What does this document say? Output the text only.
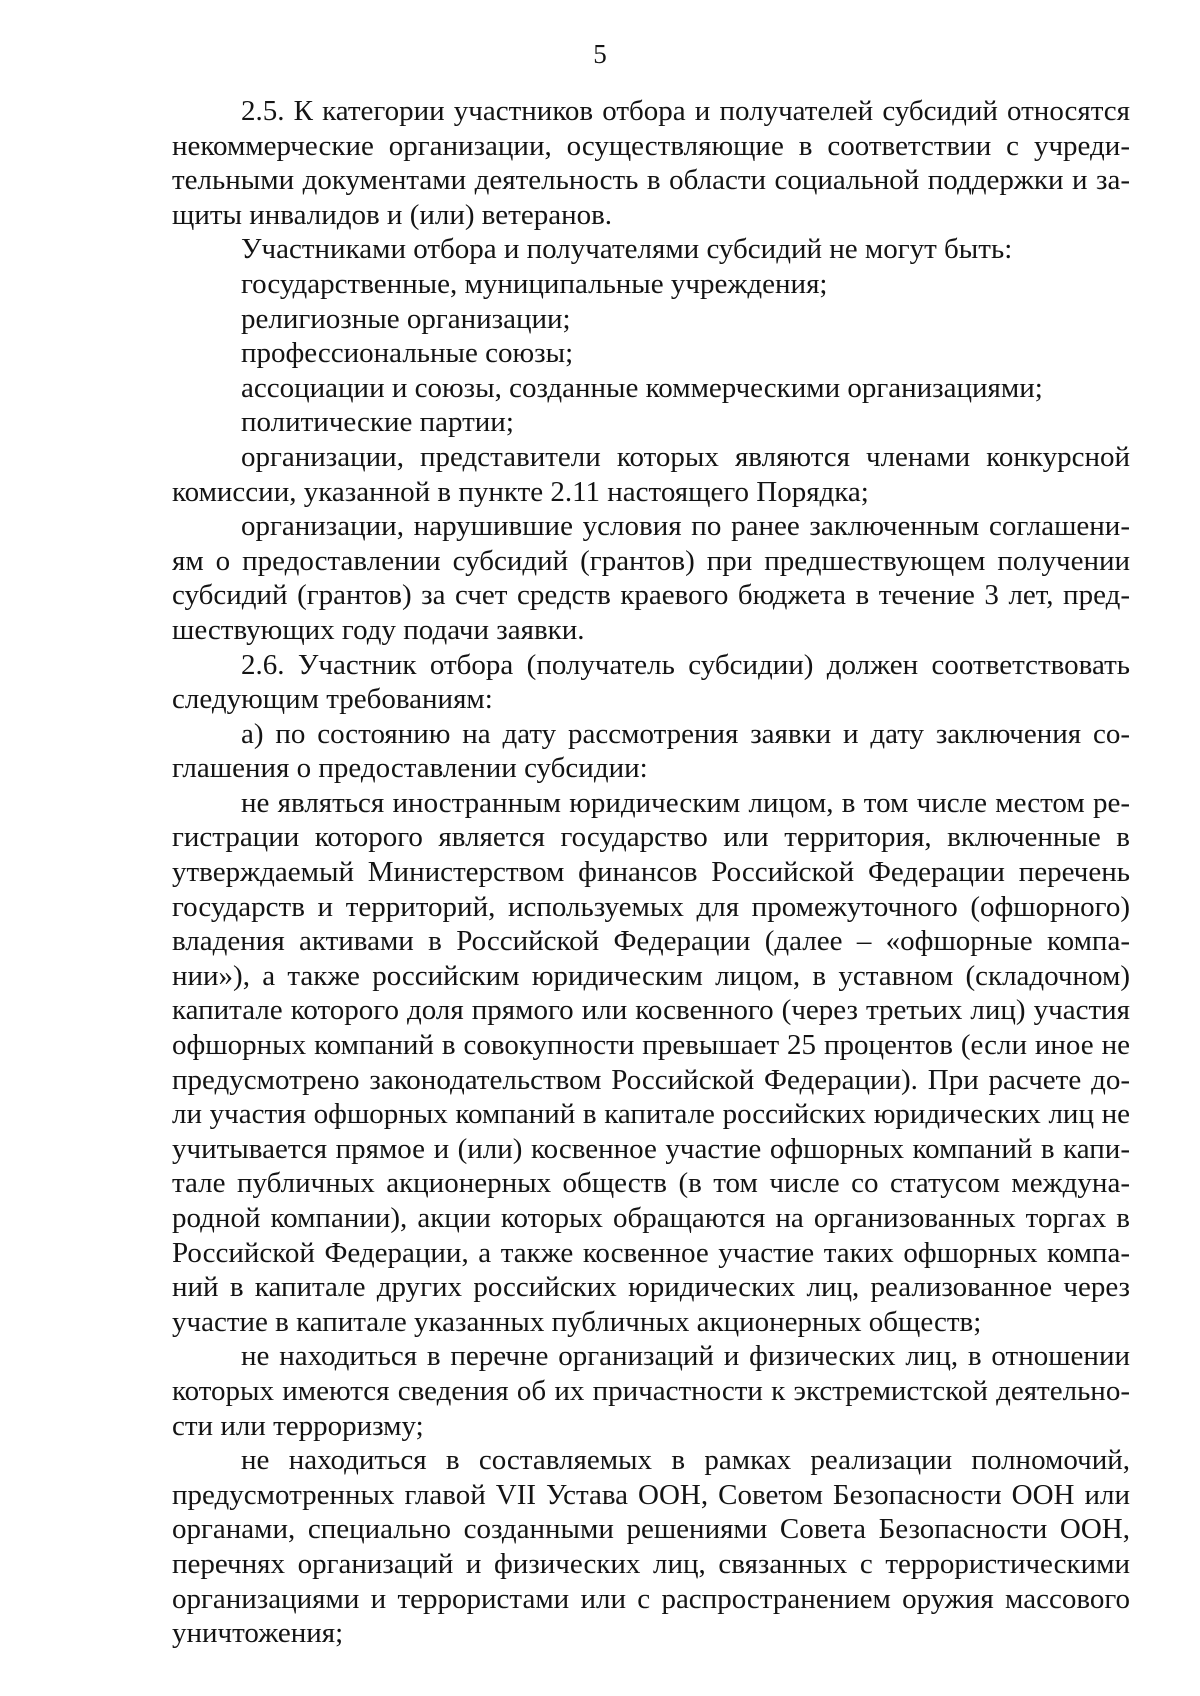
5

2.5. К категории участников отбора и получателей субсидий относятся некоммерческие организации, осуществляющие в соответствии с учредительными документами деятельность в области социальной поддержки и защиты инвалидов и (или) ветеранов.

Участниками отбора и получателями субсидий не могут быть:

государственные, муниципальные учреждения;

религиозные организации;

профессиональные союзы;

ассоциации и союзы, созданные коммерческими организациями;

политические партии;

организации, представители которых являются членами конкурсной комиссии, указанной в пункте 2.11 настоящего Порядка;

организации, нарушившие условия по ранее заключенным соглашениям о предоставлении субсидий (грантов) при предшествующем получении субсидий (грантов) за счет средств краевого бюджета в течение 3 лет, предшествующих году подачи заявки.

2.6. Участник отбора (получатель субсидии) должен соответствовать следующим требованиям:

а) по состоянию на дату рассмотрения заявки и дату заключения соглашения о предоставлении субсидии:

не являться иностранным юридическим лицом, в том числе местом регистрации которого является государство или территория, включенные в утверждаемый Министерством финансов Российской Федерации перечень государств и территорий, используемых для промежуточного (офшорного) владения активами в Российской Федерации (далее – «офшорные компании»), а также российским юридическим лицом, в уставном (складочном) капитале которого доля прямого или косвенного (через третьих лиц) участия офшорных компаний в совокупности превышает 25 процентов (если иное не предусмотрено законодательством Российской Федерации). При расчете доли участия офшорных компаний в капитале российских юридических лиц не учитывается прямое и (или) косвенное участие офшорных компаний в капитале публичных акционерных обществ (в том числе со статусом международной компании), акции которых обращаются на организованных торгах в Российской Федерации, а также косвенное участие таких офшорных компаний в капитале других российских юридических лиц, реализованное через участие в капитале указанных публичных акционерных обществ;

не находиться в перечне организаций и физических лиц, в отношении которых имеются сведения об их причастности к экстремистской деятельности или терроризму;

не находиться в составляемых в рамках реализации полномочий, предусмотренных главой VII Устава ООН, Советом Безопасности ООН или органами, специально созданными решениями Совета Безопасности ООН, перечнях организаций и физических лиц, связанных с террористическими организациями и террористами или с распространением оружия массового уничтожения;
